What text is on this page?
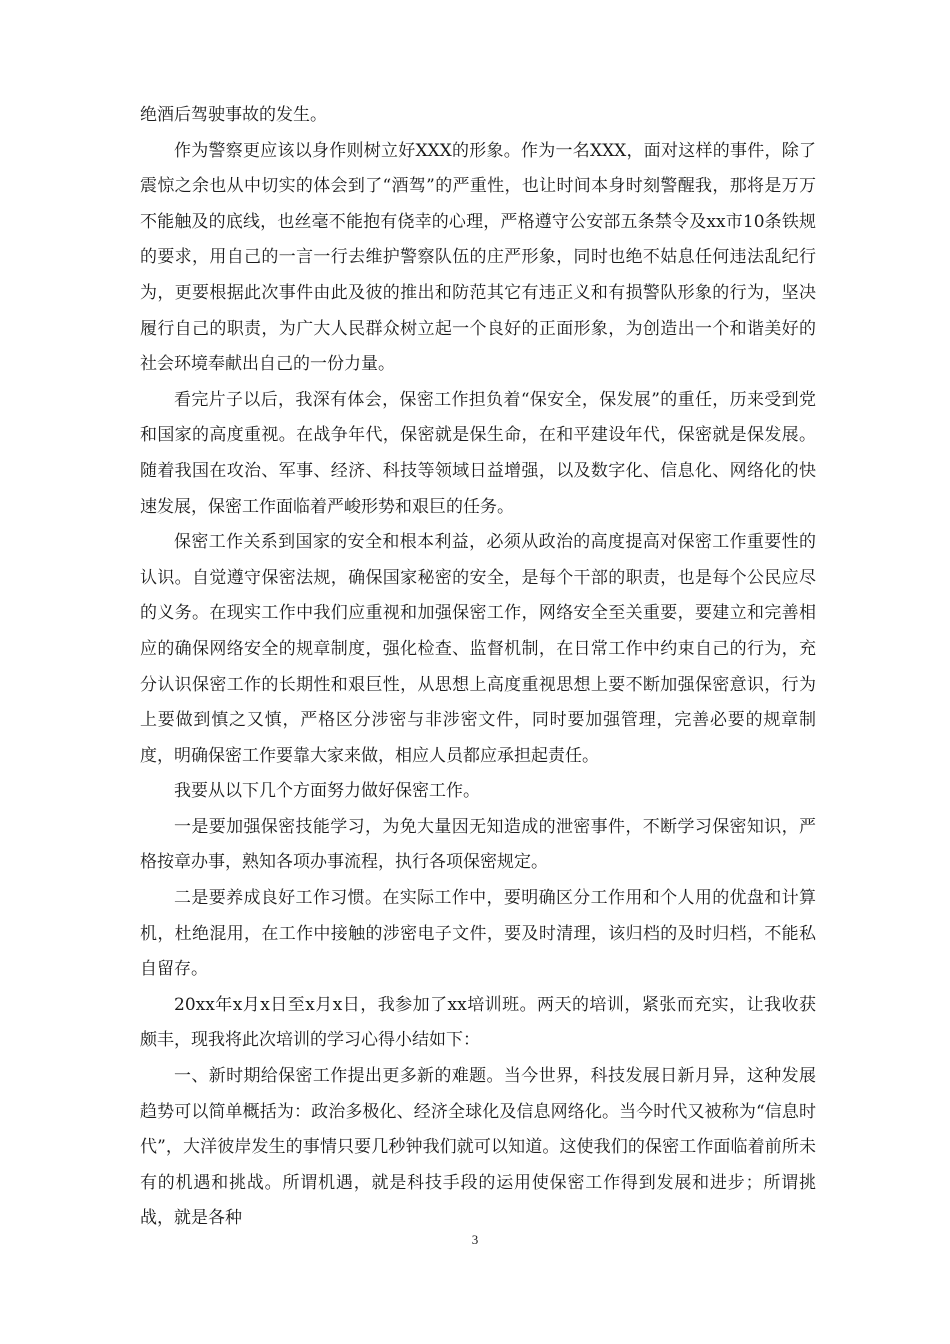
绝酒后驾驶事故的发生。

作为警察更应该以身作则树立好XXX的形象。作为一名XXX，面对这样的事件，除了震惊之余也从中切实的体会到了“酒驾”的严重性，也让时间本身时刻警醒我，那将是万万不能触及的底线，也丝毫不能抱有侥幸的心理，严格遵守公安部五条禁令及xx市10条铁规的要求，用自己的一言一行去维护警察队伍的庄严形象，同时也绝不姑息任何违法乱纪行为，更要根据此次事件由此及彼的推出和防范其它有违正义和有损警队形象的行为，坚决履行自己的职责，为广大人民群众树立起一个良好的正面形象，为创造出一个和谐美好的社会环境奉献出自己的一份力量。

看完片子以后，我深有体会，保密工作担负着“保安全，保发展”的重任，历来受到党和国家的高度重视。在战争年代，保密就是保生命，在和平建设年代，保密就是保发展。随着我国在攻治、军事、经济、科技等领域日益增强，以及数字化、信息化、网络化的快速发展，保密工作面临着严峻形势和艰巨的任务。

保密工作关系到国家的安全和根本利益，必须从政治的高度提高对保密工作重要性的认识。自觉遵守保密法规，确保国家秘密的安全，是每个干部的职责，也是每个公民应尽的义务。在现实工作中我们应重视和加强保密工作，网络安全至关重要，要建立和完善相应的确保网络安全的规章制度，强化检查、监督机制，在日常工作中约束自己的行为，充分认识保密工作的长期性和艰巨性，从思想上高度重视思想上要不断加强保密意识，行为上要做到慎之又慎，严格区分涉密与非涉密文件，同时要加强管理，完善必要的规章制度，明确保密工作要靠大家来做，相应人员都应承担起责任。

我要从以下几个方面努力做好保密工作。

一是要加强保密技能学习，为免大量因无知造成的泄密事件，不断学习保密知识，严格按章办事，熟知各项办事流程，执行各项保密规定。

二是要养成良好工作习惯。在实际工作中，要明确区分工作用和个人用的优盘和计算机，杜绝混用，在工作中接触的涉密电子文件，要及时清理，该归档的及时归档，不能私自留存。

20xx年x月x日至x月x日，我参加了xx培训班。两天的培训，紧张而充实，让我收获颇丰，现我将此次培训的学习心得小结如下：

一、新时期给保密工作提出更多新的难题。当今世界，科技发展日新月异，这种发展趋势可以简单概括为：政治多极化、经济全球化及信息网络化。当今时代又被称为“信息时代”，大洋彼岸发生的事情只要几秒钟我们就可以知道。这使我们的保密工作面临着前所未有的机遇和挑战。所谓机遇，就是科技手段的运用使保密工作得到发展和进步；所谓挑战，就是各种

3
